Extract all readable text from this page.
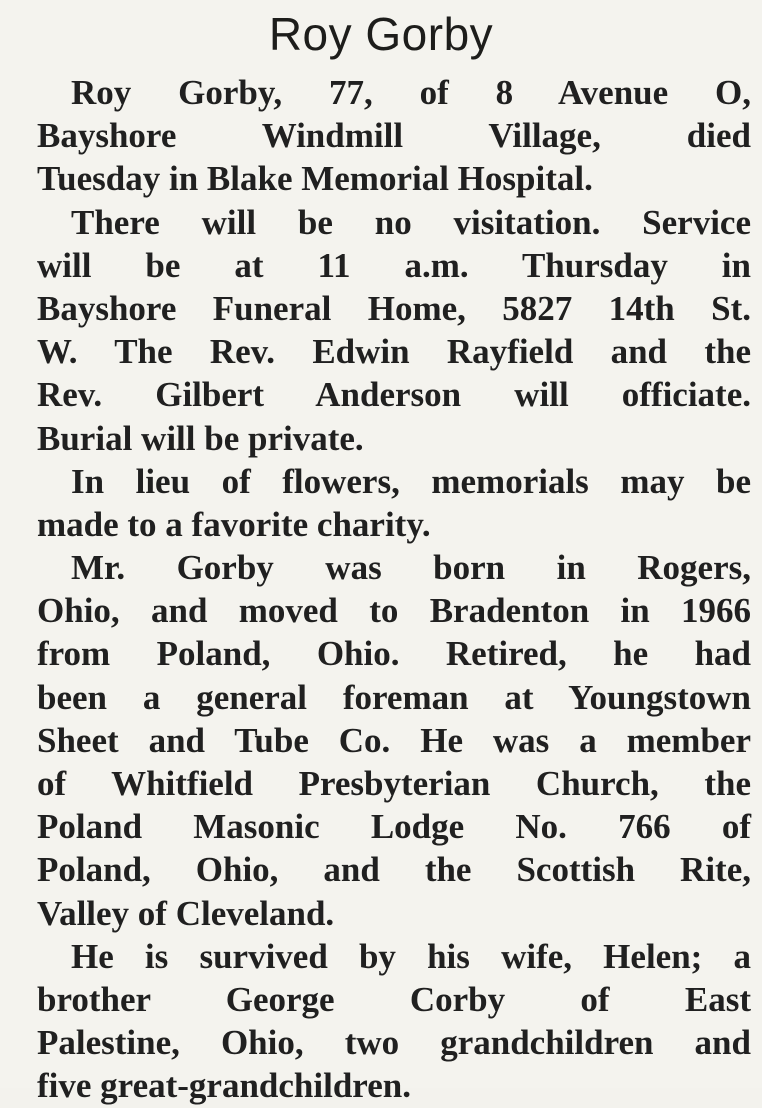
Roy Gorby
Roy Gorby, 77, of 8 Avenue O,
Bayshore Windmill Village, died
Tuesday in Blake Memorial Hospital.
There will be no visitation. Service
will be at 11 a.m. Thursday in
Bayshore Funeral Home, 5827 14th St.
W. The Rev. Edwin Rayfield and the
Rev. Gilbert Anderson will officiate.
Burial will be private.
In lieu of flowers, memorials may be
made to a favorite charity.
Mr. Gorby was born in Rogers,
Ohio, and moved to Bradenton in 1966
from Poland, Ohio. Retired, he had
been a general foreman at Youngstown
Sheet and Tube Co. He was a member
of Whitfield Presbyterian Church, the
Poland Masonic Lodge No. 766 of
Poland, Ohio, and the Scottish Rite,
Valley of Cleveland.
He is survived by his wife, Helen; a
brother George Corby of East
Palestine, Ohio, two grandchildren and
five great-grandchildren.
